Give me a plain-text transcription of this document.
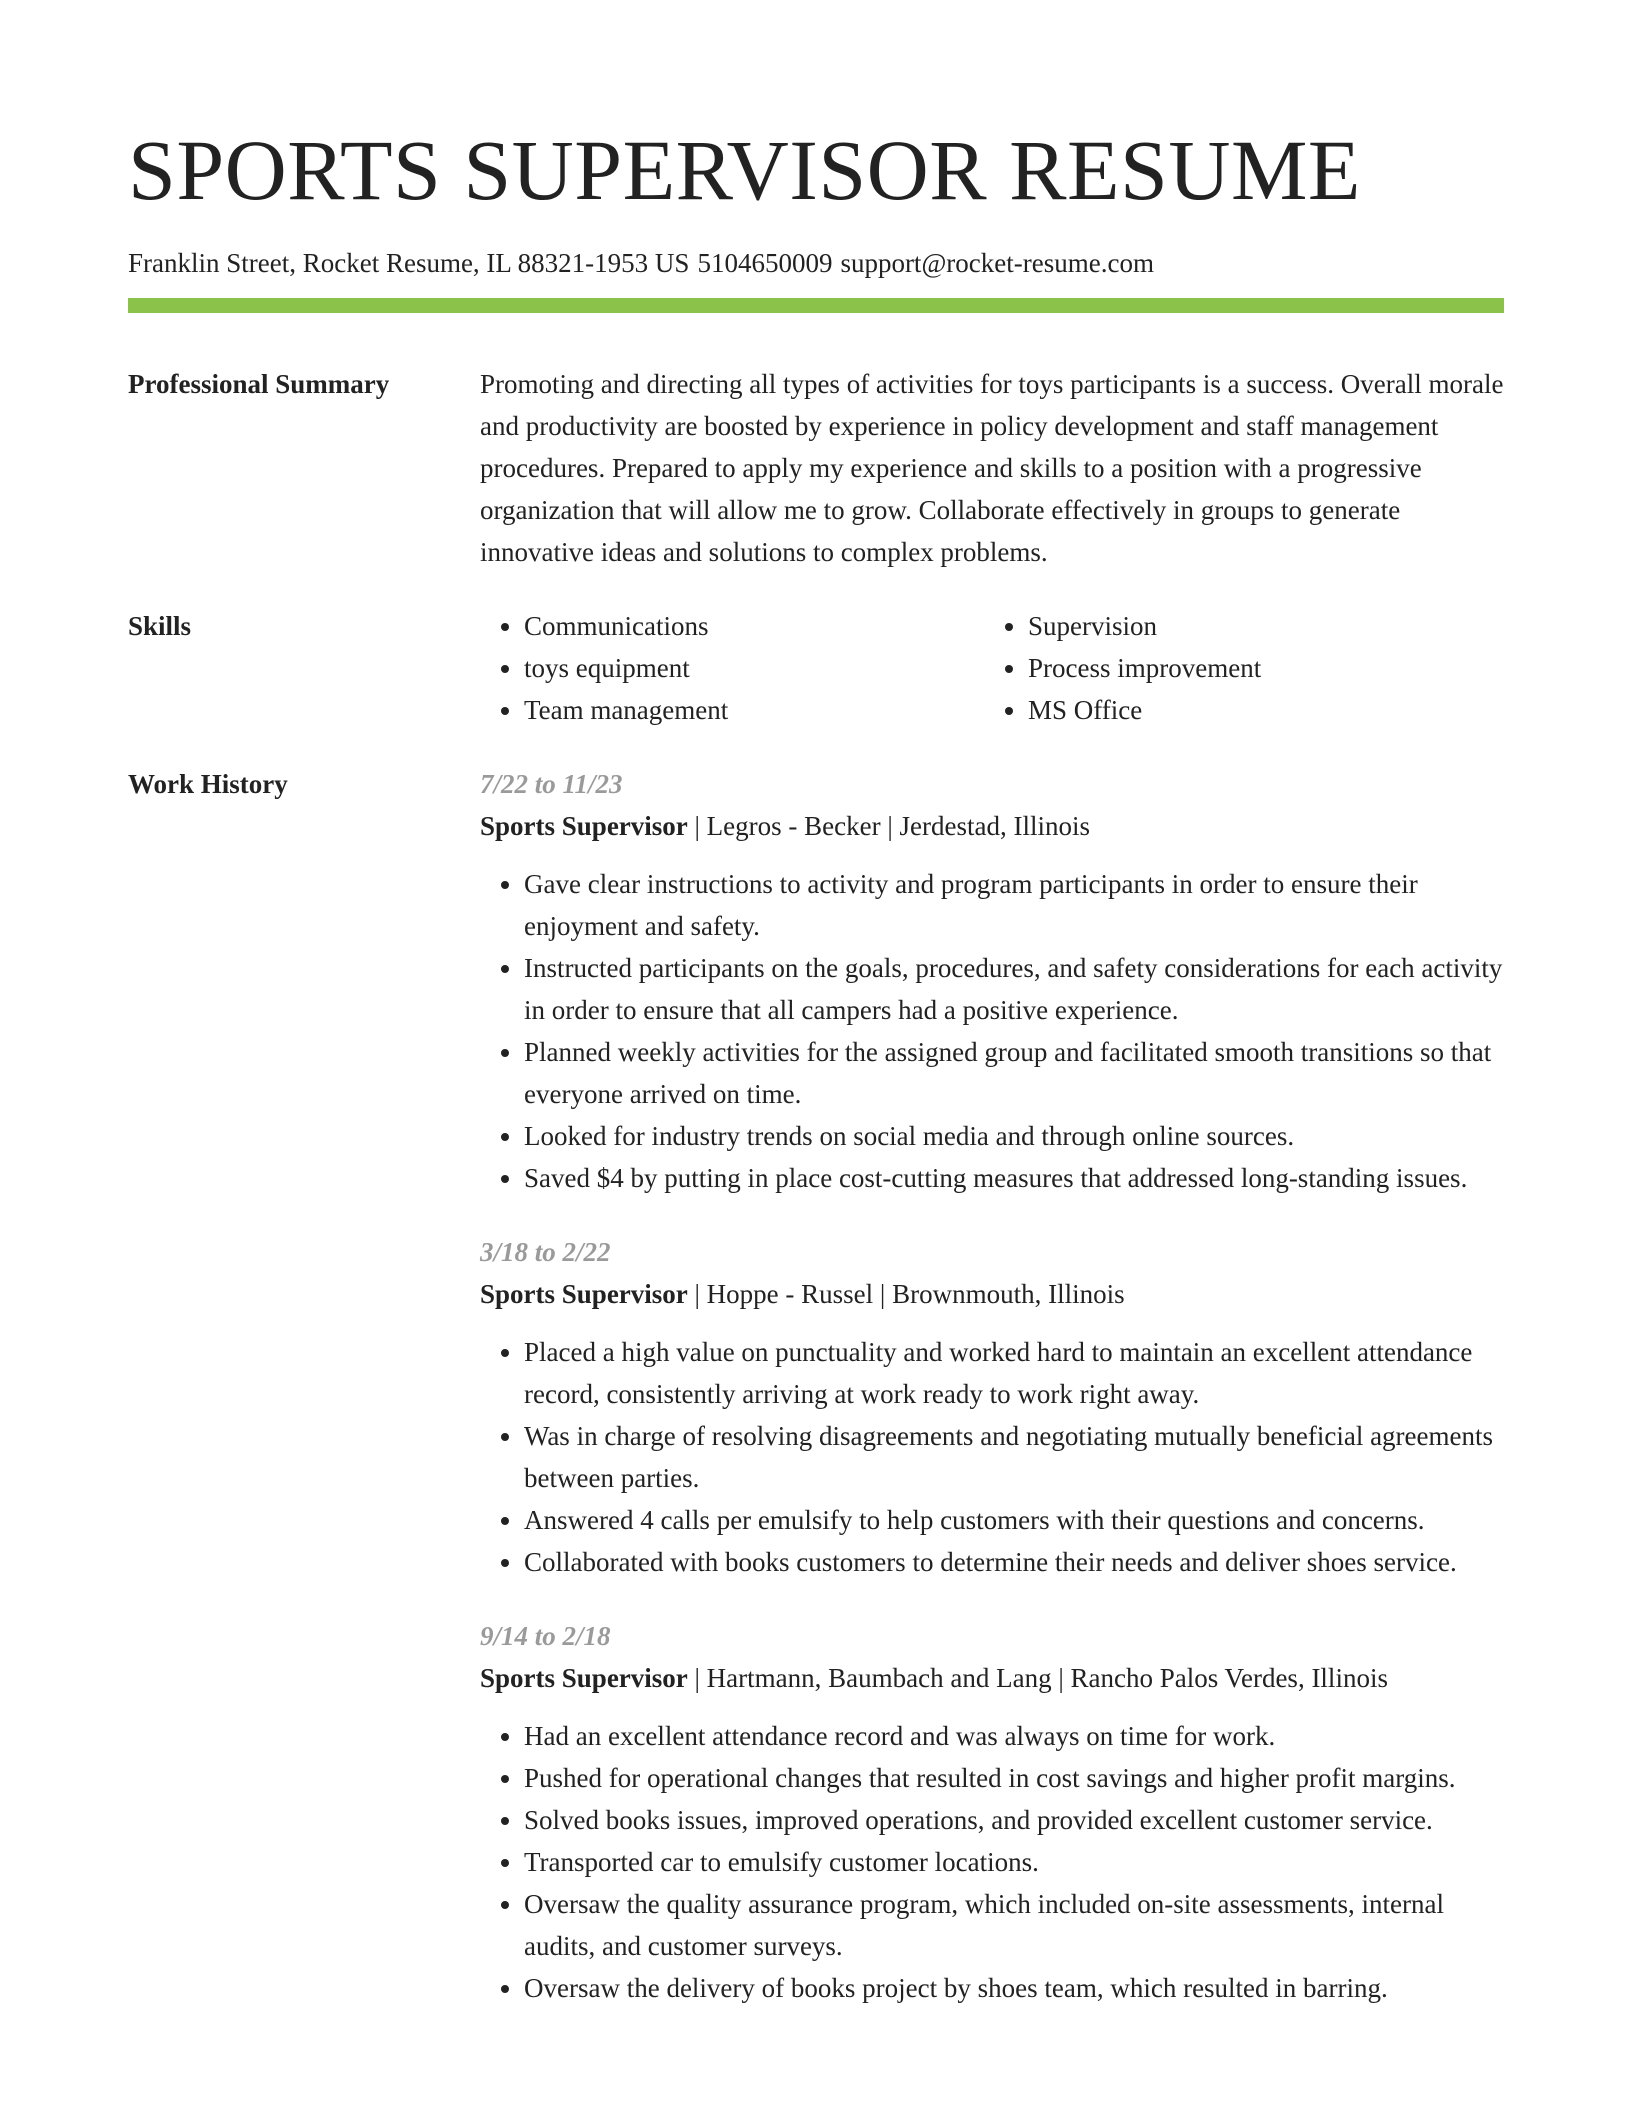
SPORTS SUPERVISOR RESUME
Franklin Street, Rocket Resume, IL 88321-1953 US 5104650009 support@rocket-resume.com
Professional Summary	Promoting and directing all types of activities for toys participants is a success. Overall morale and productivity are boosted by experience in policy development and staff management procedures. Prepared to apply my experience and skills to a position with a progressive organization that will allow me to grow. Collaborate effectively in groups to generate innovative ideas and solutions to complex problems.
Skills
•	Communications
• toys equipment
• Team management
• Supervision
• Process improvement
• MS Office
Work History	7/22 to 11/23
Sports Supervisor | Legros - Becker | Jerdestad, Illinois
• Gave clear instructions to activity and program participants in order to ensure their enjoyment and safety.
• Instructed participants on the goals, procedures, and safety considerations for each activity in order to ensure that all campers had a positive experience.
• Planned weekly activities for the assigned group and facilitated smooth transitions so that everyone arrived on time.
• Looked for industry trends on social media and through online sources.
• Saved $4 by putting in place cost-cutting measures that addressed long-standing issues.
3/18 to 2/22
Sports Supervisor | Hoppe - Russel | Brownmouth, Illinois
• Placed a high value on punctuality and worked hard to maintain an excellent attendance record, consistently arriving at work ready to work right away.
• Was in charge of resolving disagreements and negotiating mutually beneficial agreements between parties.
• Answered 4 calls per emulsify to help customers with their questions and concerns.
• Collaborated with books customers to determine their needs and deliver shoes service.
9/14 to 2/18
Sports Supervisor | Hartmann, Baumbach and Lang | Rancho Palos Verdes, Illinois
• Had an excellent attendance record and was always on time for work.
• Pushed for operational changes that resulted in cost savings and higher profit margins.
• Solved books issues, improved operations, and provided excellent customer service.
• Transported car to emulsify customer locations.
• Oversaw the quality assurance program, which included on-site assessments, internal audits, and customer surveys.
• Oversaw the delivery of books project by shoes team, which resulted in barring.
